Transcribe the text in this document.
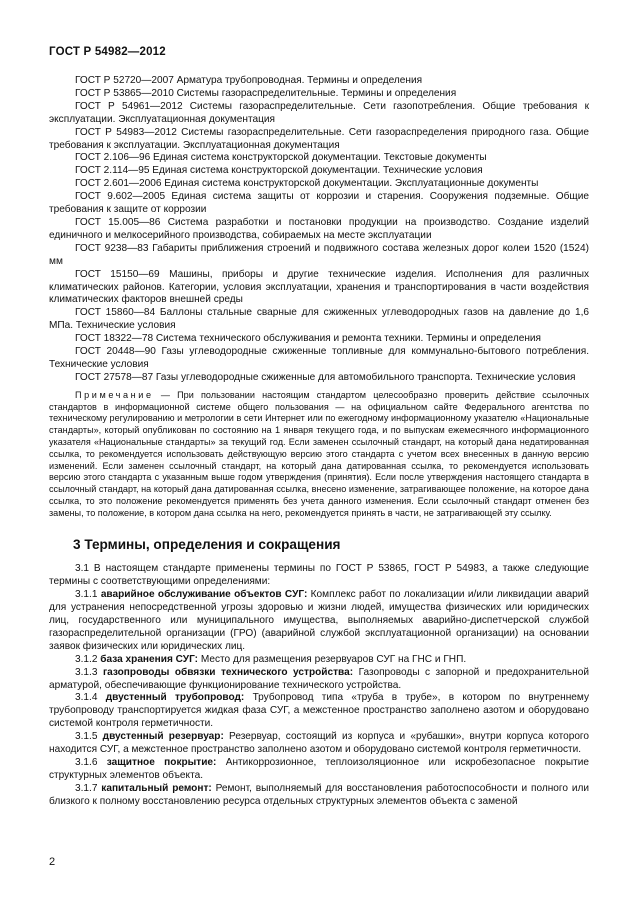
ГОСТ Р 54982—2012

ГОСТ Р 52720—2007 Арматура трубопроводная. Термины и определения

ГОСТ Р 53865—2010 Системы газораспределительные. Термины и определения

ГОСТ Р 54961—2012 Системы газораспределительные. Сети газопотребления. Общие требования к эксплуатации. Эксплуатационная документация

ГОСТ Р 54983—2012 Системы газораспределительные. Сети газораспределения природного газа. Общие требования к эксплуатации. Эксплуатационная документация

ГОСТ 2.106—96 Единая система конструкторской документации. Текстовые документы

ГОСТ 2.114—95 Единая система конструкторской документации. Технические условия

ГОСТ 2.601—2006 Единая система конструкторской документации. Эксплуатационные документы

ГОСТ 9.602—2005 Единая система защиты от коррозии и старения. Сооружения подземные. Общие требования к защите от коррозии

ГОСТ 15.005—86 Система разработки и постановки продукции на производство. Создание изделий единичного и мелкосерийного производства, собираемых на месте эксплуатации

ГОСТ 9238—83 Габариты приближения строений и подвижного состава железных дорог колеи 1520 (1524) мм

ГОСТ 15150—69 Машины, приборы и другие технические изделия. Исполнения для различных климатических районов. Категории, условия эксплуатации, хранения и транспортирования в части воздействия климатических факторов внешней среды

ГОСТ 15860—84 Баллоны стальные сварные для сжиженных углеводородных газов на давление до 1,6 МПа. Технические условия

ГОСТ 18322—78 Система технического обслуживания и ремонта техники. Термины и определения

ГОСТ 20448—90 Газы углеводородные сжиженные топливные для коммунально-бытового потребления. Технические условия

ГОСТ 27578—87 Газы углеводородные сжиженные для автомобильного транспорта. Технические условия

Примечание — При пользовании настоящим стандартом целесообразно проверить действие ссылочных стандартов в информационной системе общего пользования — на официальном сайте Федерального агентства по техническому регулированию и метрологии в сети Интернет или по ежегодному информационному указателю «Национальные стандарты», который опубликован по состоянию на 1 января текущего года, и по выпускам ежемесячного информационного указателя «Национальные стандарты» за текущий год. Если заменен ссылочный стандарт, на который дана недатированная ссылка, то рекомендуется использовать действующую версию этого стандарта с учетом всех внесенных в данную версию изменений. Если заменен ссылочный стандарт, на который дана датированная ссылка, то рекомендуется использовать версию этого стандарта с указанным выше годом утверждения (принятия). Если после утверждения настоящего стандарта в ссылочный стандарт, на который дана датированная ссылка, внесено изменение, затрагивающее положение, на которое дана ссылка, то это положение рекомендуется применять без учета данного изменения. Если ссылочный стандарт отменен без замены, то положение, в котором дана ссылка на него, рекомендуется принять в части, не затрагивающей эту ссылку.

3 Термины, определения и сокращения

3.1 В настоящем стандарте применены термины по ГОСТ Р 53865, ГОСТ Р 54983, а также следующие термины с соответствующими определениями:

3.1.1 аварийное обслуживание объектов СУГ: Комплекс работ по локализации и/или ликвидации аварий для устранения непосредственной угрозы здоровью и жизни людей, имущества физических или юридических лиц, государственного или муниципального имущества, выполняемых аварийно-диспетчерской службой газораспределительной организации (ГРО) (аварийной службой эксплуатационной организации) на основании заявок физических или юридических лиц.

3.1.2 база хранения СУГ: Место для размещения резервуаров СУГ на ГНС и ГНП.

3.1.3 газопроводы обвязки технического устройства: Газопроводы с запорной и предохранительной арматурой, обеспечивающие функционирование технического устройства.

3.1.4 двустенный трубопровод: Трубопровод типа «труба в трубе», в котором по внутреннему трубопроводу транспортируется жидкая фаза СУГ, а межстенное пространство заполнено азотом и оборудовано системой контроля герметичности.

3.1.5 двустенный резервуар: Резервуар, состоящий из корпуса и «рубашки», внутри корпуса которого находится СУГ, а межстенное пространство заполнено азотом и оборудовано системой контроля герметичности.

3.1.6 защитное покрытие: Антикоррозионное, теплоизоляционное или искробезопасное покрытие структурных элементов объекта.

3.1.7 капитальный ремонт: Ремонт, выполняемый для восстановления работоспособности и полного или близкого к полному восстановлению ресурса отдельных структурных элементов объекта с заменой

2
